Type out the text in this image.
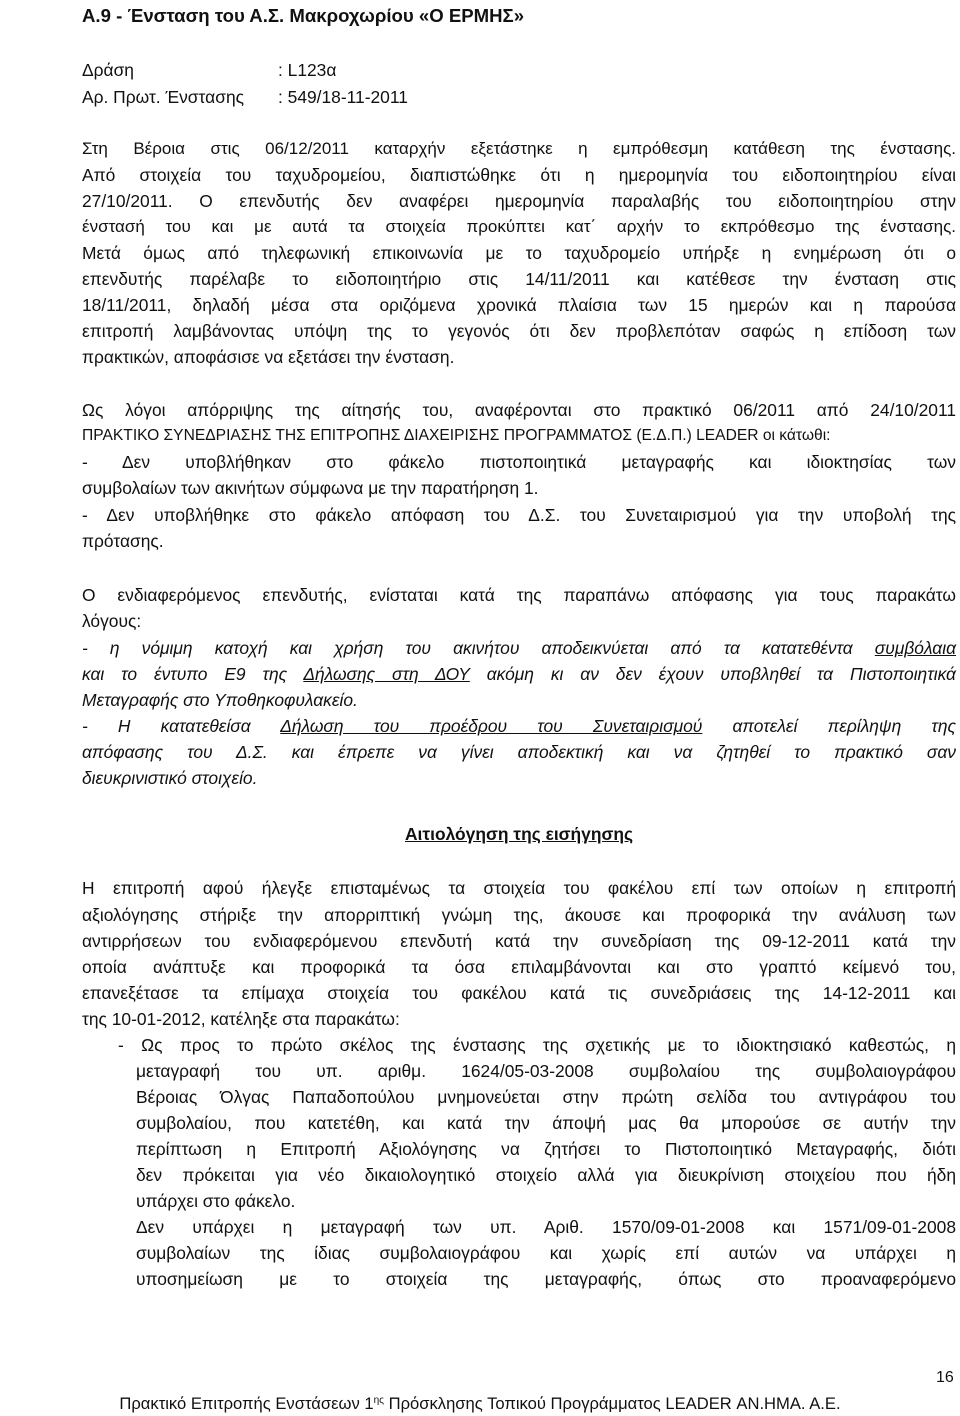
Α.9 - Ένσταση του Α.Σ. Μακροχωρίου «Ο ΕΡΜΗΣ»
Δράση	: L123α
Αρ. Πρωτ. Ένστασης : 549/18-11-2011
Στη Βέροια στις 06/12/2011 καταρχήν εξετάστηκε η εμπρόθεσμη κατάθεση της ένστασης.
Από στοιχεία του ταχυδρομείου, διαπιστώθηκε ότι η ημερομηνία του ειδοποιητηρίου είναι
27/10/2011. Ο επενδυτής δεν αναφέρει ημερομηνία παραλαβής του ειδοποιητηρίου στην
ένστασή του και με αυτά τα στοιχεία προκύπτει κατ΄ αρχήν το εκπρόθεσμο της ένστασης.
Μετά όμως από τηλεφωνική επικοινωνία με το ταχυδρομείο υπήρξε η ενημέρωση ότι ο
επενδυτής παρέλαβε το ειδοποιητήριο στις 14/11/2011 και κατέθεσε την ένσταση στις
18/11/2011, δηλαδή μέσα στα οριζόμενα χρονικά πλαίσια των 15 ημερών και η παρούσα
επιτροπή λαμβάνοντας υπόψη της το γεγονός ότι δεν προβλεπόταν σαφώς η επίδοση των
πρακτικών, αποφάσισε να εξετάσει την ένσταση.
Ως λόγοι απόρριψης της αίτησής του, αναφέρονται στο πρακτικό 06/2011 από 24/10/2011
ΠΡΑΚΤΙΚΟ ΣΥΝΕΔΡΙΑΣΗΣ ΤΗΣ ΕΠΙΤΡΟΠΗΣ ΔΙΑΧΕΙΡΙΣΗΣ ΠΡΟΓΡΑΜΜΑΤΟΣ (Ε.Δ.Π.) LEADER οι κάτωθι:
- Δεν υποβλήθηκαν στο φάκελο πιστοποιητικά μεταγραφής και ιδιοκτησίας των
συμβολαίων των ακινήτων σύμφωνα με την παρατήρηση 1.
- Δεν υποβλήθηκε στο φάκελο απόφαση του Δ.Σ. του Συνεταιρισμού για την υποβολή της
πρότασης.
Ο ενδιαφερόμενος επενδυτής, ενίσταται κατά της παραπάνω απόφασης για τους παρακάτω
λόγους:
- η νόμιμη κατοχή και χρήση του ακινήτου αποδεικνύεται από τα κατατεθέντα συμβόλαια
και το έντυπο Ε9 της Δήλωσης στη ΔΟΥ ακόμη κι αν δεν έχουν υποβληθεί τα Πιστοποιητικά
Μεταγραφής στο Υποθηκοφυλακείο.
- Η κατατεθείσα Δήλωση του προέδρου του Συνεταιρισμού αποτελεί περίληψη της
απόφασης του Δ.Σ. και έπρεπε να γίνει αποδεκτική και να ζητηθεί το πρακτικό σαν
διευκρινιστικό στοιχείο.
Αιτιολόγηση της εισήγησης
Η επιτροπή αφού ήλεγξε επισταμένως τα στοιχεία του φακέλου επί των οποίων η επιτροπή
αξιολόγησης στήριξε την απορριπτική γνώμη της, άκουσε και προφορικά την ανάλυση των
αντιρρήσεων του ενδιαφερόμενου επενδυτή κατά την συνεδρίαση της 09-12-2011 κατά την
οποία ανάπτυξε και προφορικά τα όσα επιλαμβάνονται και στο γραπτό κείμενό του,
επανεξέτασε τα επίμαχα στοιχεία του φακέλου κατά τις συνεδριάσεις της 14-12-2011 και
της 10-01-2012, κατέληξε στα παρακάτω:
- Ως προς το πρώτο σκέλος της ένστασης της σχετικής με το ιδιοκτησιακό καθεστώς, η
μεταγραφή του υπ. αριθμ. 1624/05-03-2008 συμβολαίου της συμβολαιογράφου
Βέροιας Όλγας Παπαδοπούλου μνημονεύεται στην πρώτη σελίδα του αντιγράφου του
συμβολαίου, που κατετέθη, και κατά την άποψή μας θα μπορούσε σε αυτήν την
περίπτωση η Επιτροπή Αξιολόγησης να ζητήσει το Πιστοποιητικό Μεταγραφής, διότι
δεν πρόκειται για νέο δικαιολογητικό στοιχείο αλλά για διευκρίνιση στοιχείου που ήδη
υπάρχει στο φάκελο.
Δεν υπάρχει η μεταγραφή των υπ. Αριθ. 1570/09-01-2008 και 1571/09-01-2008
συμβολαίων της ίδιας συμβολαιογράφου και χωρίς επί αυτών να υπάρχει η
υποσημείωση με το στοιχεία της μεταγραφής, όπως στο προαναφερόμενο
16
Πρακτικό Επιτροπής Ενστάσεων $1^{\eta\varsigma}$ Πρόσκλησης Τοπικού Προγράμματος LEADER ΑΝ.ΗΜΑ. Α.Ε.
